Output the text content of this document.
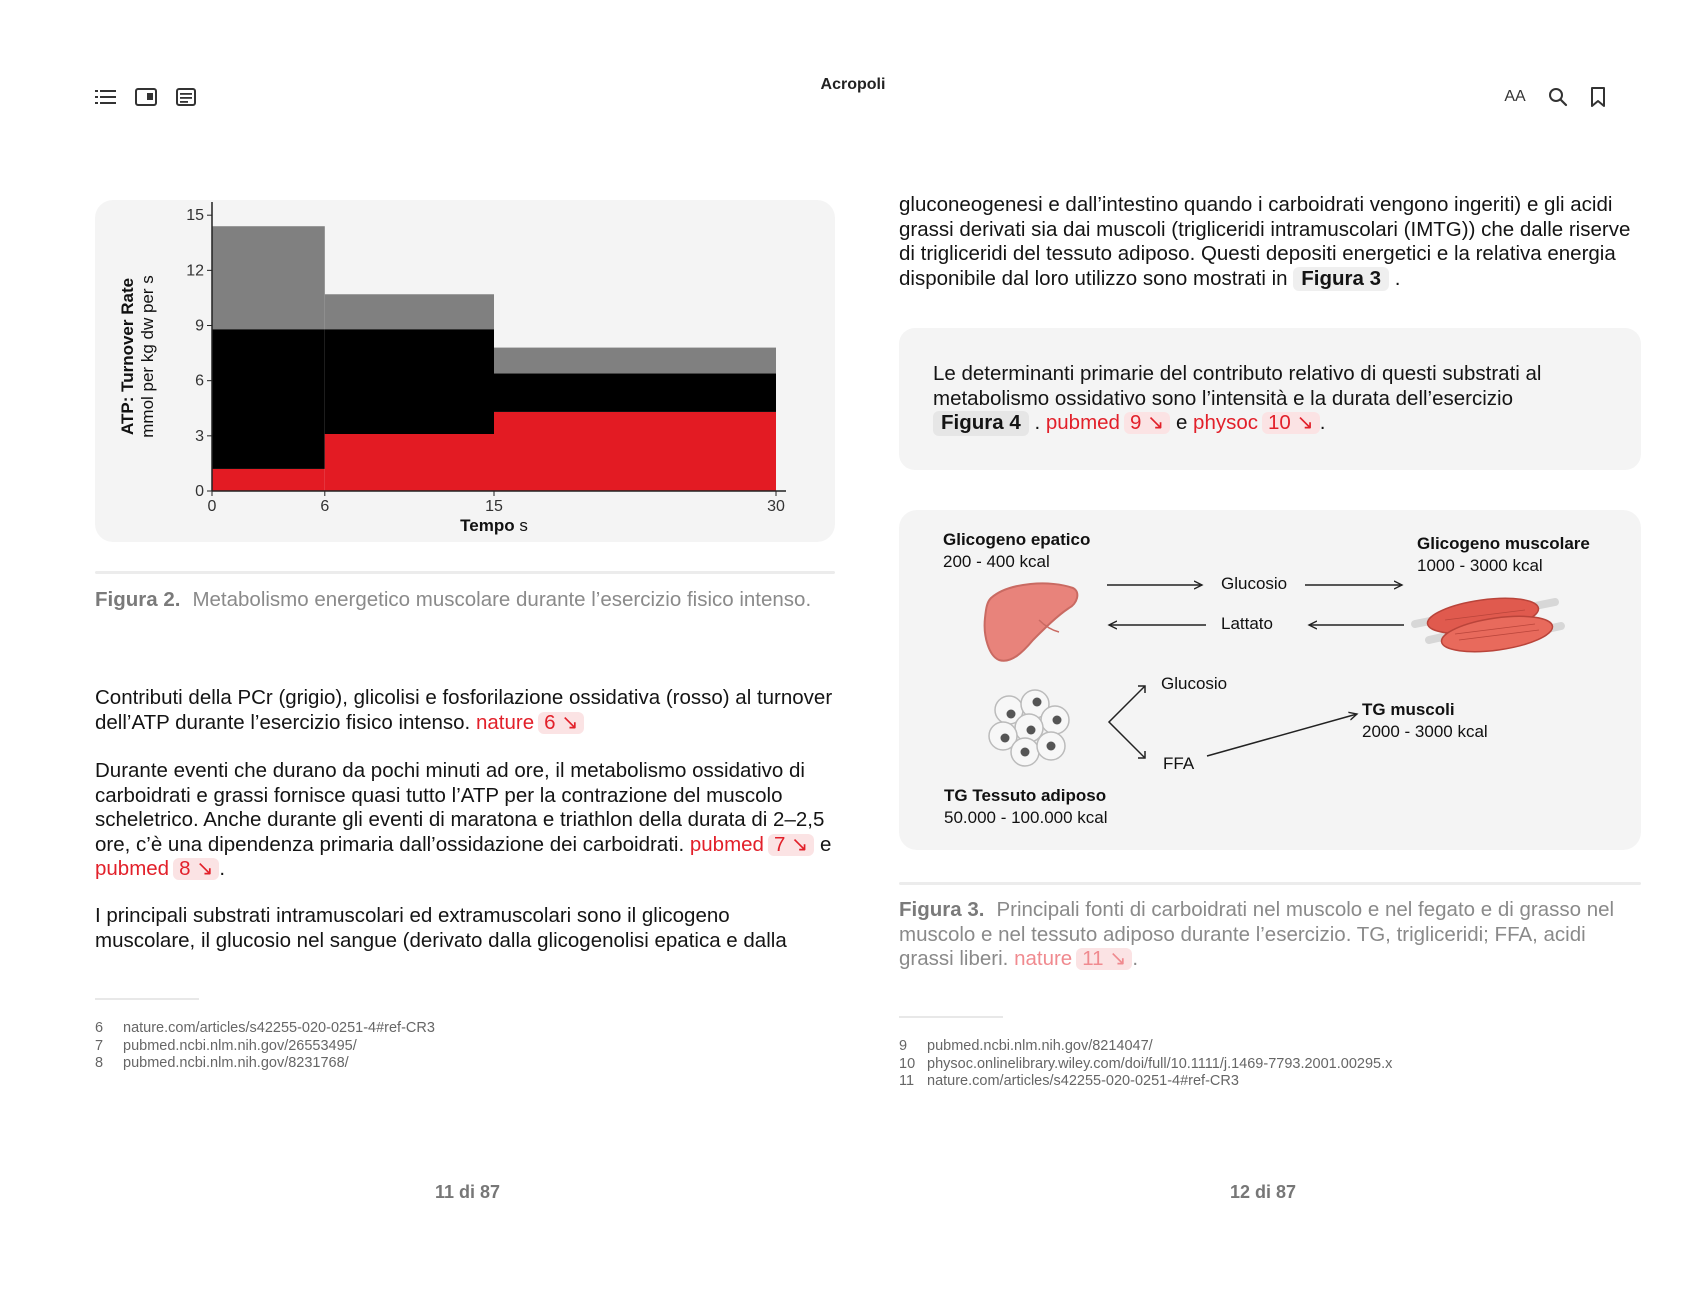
Acropoli
AA
0
3
6
9
12
15
0	6	15	30
Tempo s
ATP: Turnover Rate mmol per kg dw per s
Figura 2. Metabolismo energetico muscolare durante l’esercizio fisico intenso.
Contributi della PCr (grigio), glicolisi e fosforilazione ossidativa (rosso) al turnover dell’ATP durante l’esercizio fisico intenso. nature 6 ↘
Durante eventi che durano da pochi minuti ad ore, il metabolismo ossidativo di carboidrati e grassi fornisce quasi tutto l’ATP per la contrazione del muscolo scheletrico. Anche durante gli eventi di maratona e triathlon della durata di 2–2,5 ore, c’è una dipendenza primaria dall’ossidazione dei carboidrati. pubmed 7 ↘ e pubmed 8 ↘ .
I principali substrati intramuscolari ed extramuscolari sono il glicogeno muscolare, il glucosio nel sangue (derivato dalla glicogenolisi epatica e dalla
6	nature.com/articles/s42255-020-0251-4#ref-CR3
7	pubmed.ncbi.nlm.nih.gov/26553495/
8	pubmed.ncbi.nlm.nih.gov/8231768/
11 di 87
gluconeogenesi e dall’intestino quando i carboidrati vengono ingeriti) e gli acidi grassi derivati sia dai muscoli (trigliceridi intramuscolari (IMTG)) che dalle riserve di trigliceridi del tessuto adiposo. Questi depositi energetici e la relativa energia disponibile dal loro utilizzo sono mostrati in Figura 3 .
Le determinanti primarie del contributo relativo di questi substrati al metabolismo ossidativo sono l’intensità e la durata dell’esercizio Figura 4 . pubmed 9 ↘ e physoc 10 ↘ .
Glicogeno epatico
200 - 400 kcal
Glicogeno muscolare
1000 - 3000 kcal
Glucosio
Lattato
Glucosio
FFA
TG muscoli
2000 - 3000 kcal
TG Tessuto adiposo
50.000 - 100.000 kcal
Figura 3. Principali fonti di carboidrati nel muscolo e nel fegato e di grasso nel muscolo e nel tessuto adiposo durante l’esercizio. TG, trigliceridi; FFA, acidi grassi liberi. nature 11 ↘ .
9	pubmed.ncbi.nlm.nih.gov/8214047/
10 physoc.onlinelibrary.wiley.com/doi/full/10.1111/j.1469-7793.2001.00295.x
11 nature.com/articles/s42255-020-0251-4#ref-CR3
12 di 87
